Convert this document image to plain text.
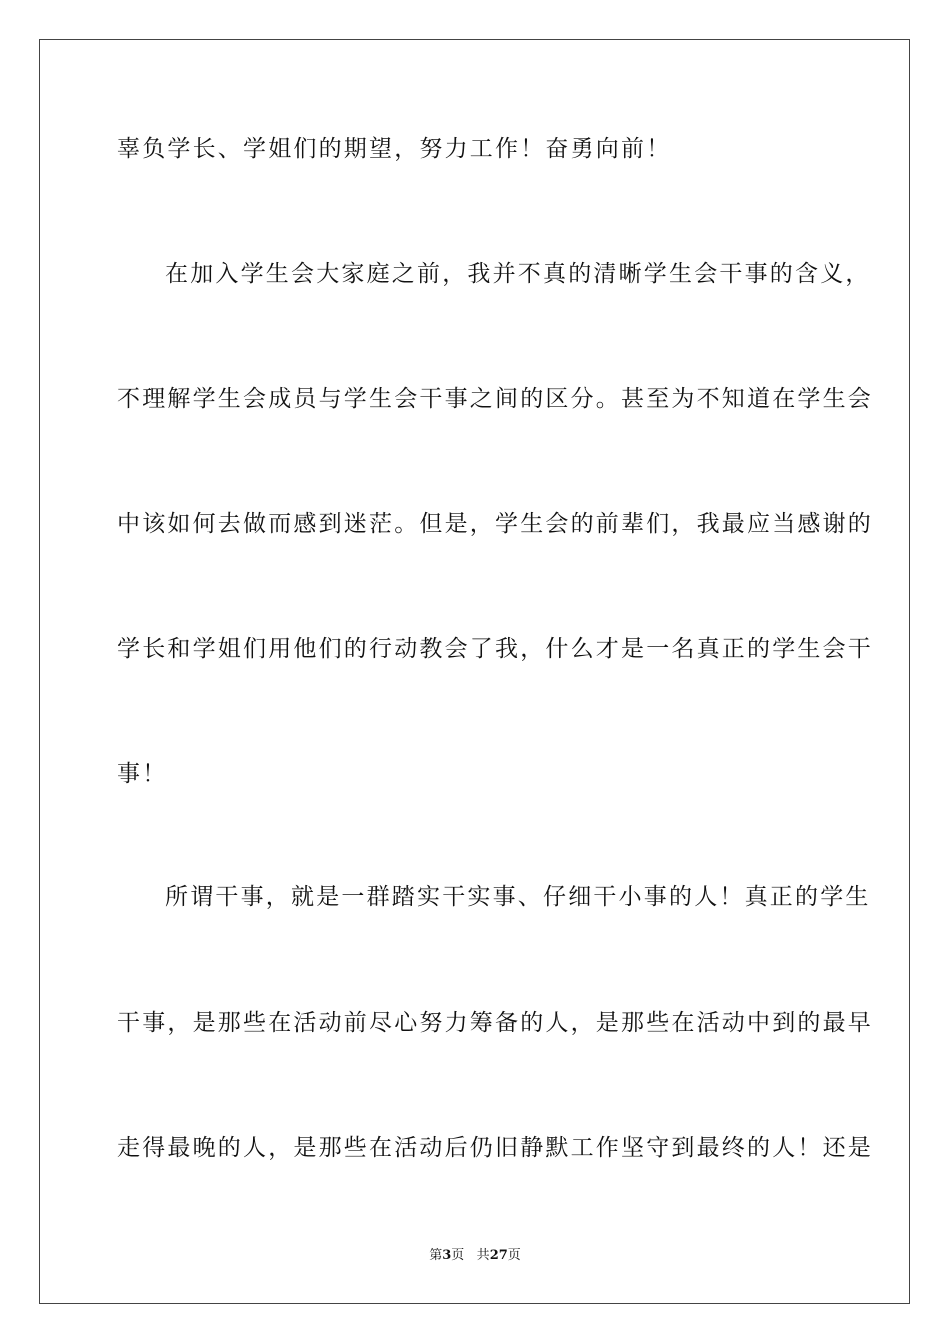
辜负学长、学姐们的期望，努力工作！奋勇向前！
在加入学生会大家庭之前，我并不真的清晰学生会干事的含义，
不理解学生会成员与学生会干事之间的区分。甚至为不知道在学生会
中该如何去做而感到迷茫。但是，学生会的前辈们，我最应当感谢的
学长和学姐们用他们的行动教会了我，什么才是一名真正的学生会干
事！
所谓干事，就是一群踏实干实事、仔细干小事的人！真正的学生
干事，是那些在活动前尽心努力筹备的人，是那些在活动中到的最早
走得最晚的人，是那些在活动后仍旧静默工作坚守到最终的人！还是
第3页 共27页
